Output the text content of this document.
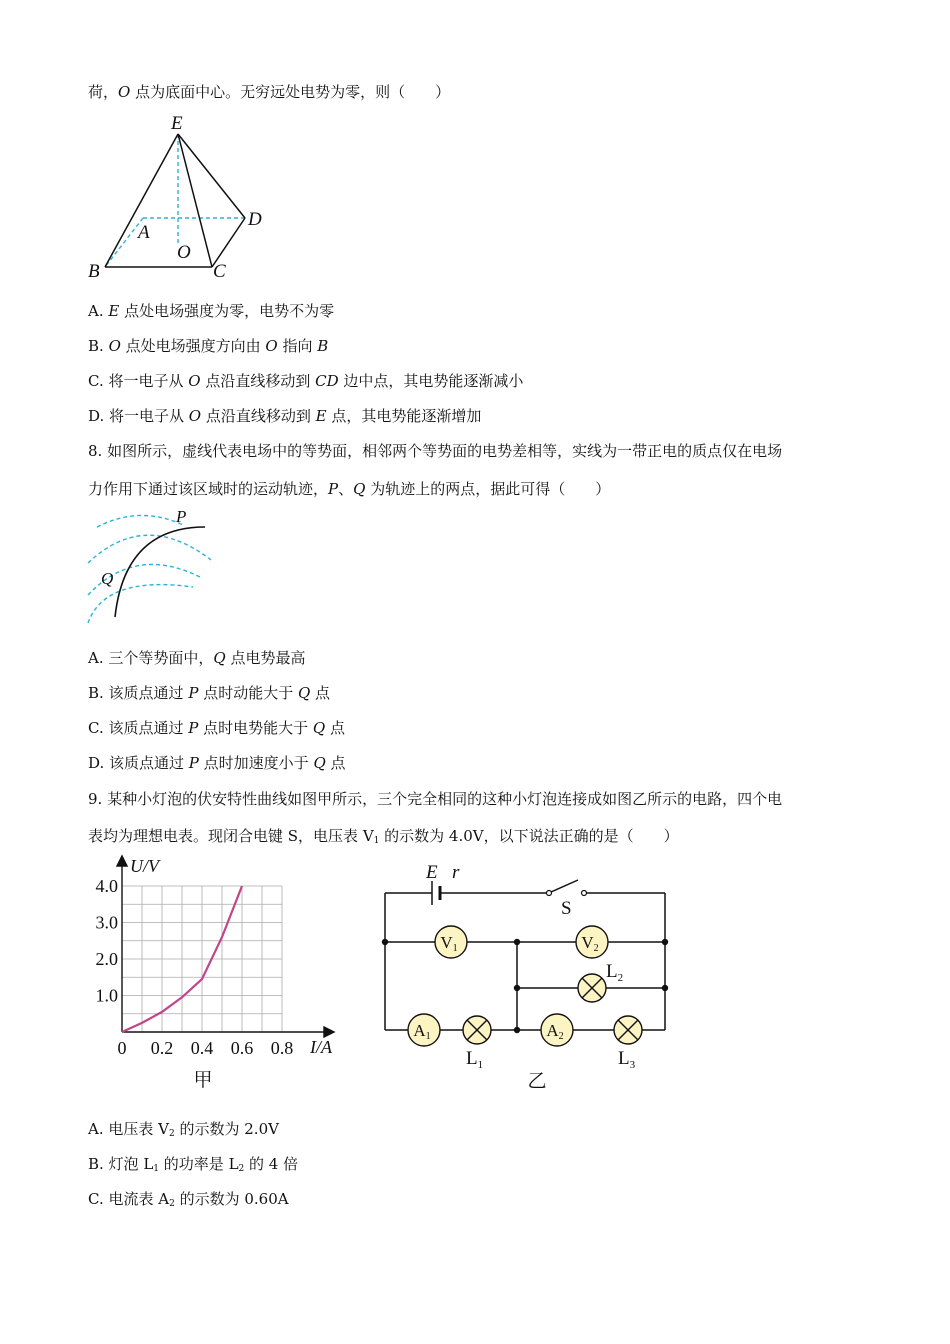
荷，O 点为底面中心。无穷远处电势为零，则（　　）
E
A
D
O
B	C
A. E 点处电场强度为零，电势不为零
B. O 点处电场强度方向由 O 指向 B
C. 将一电子从 O 点沿直线移动到 CD 边中点，其电势能逐渐减小
D. 将一电子从 O 点沿直线移动到 E 点，其电势能逐渐增加
8. 如图所示，虚线代表电场中的等势面，相邻两个等势面的电势差相等，实线为一带正电的质点仅在电场
力作用下通过该区域时的运动轨迹，P、Q 为轨迹上的两点，据此可得（　　）
P
Q
A. 三个等势面中，Q 点电势最高
B. 该质点通过 P 点时动能大于 Q 点
C. 该质点通过 P 点时电势能大于 Q 点
D. 该质点通过 P 点时加速度小于 Q 点
9. 某种小灯泡的伏安特性曲线如图甲所示，三个完全相同的这种小灯泡连接成如图乙所示的电路，四个电
表均为理想电表。现闭合电键 S，电压表 $V_1$ 的示数为 4.0V，以下说法正确的是（　　）
U/V
I/A
1.0
2.0
3.0
4.0
0 0.2 0.4 0.6 0.8
甲
V1	V2
A1	A2
E r
S
$L_2$
$L_1$	$L_3$
乙
A. 电压表 $V_2$ 的示数为 2.0V
B. 灯泡 $L_1$ 的功率是 $L_2$ 的 4 倍
C. 电流表 $A_2$ 的示数为 0.60A
